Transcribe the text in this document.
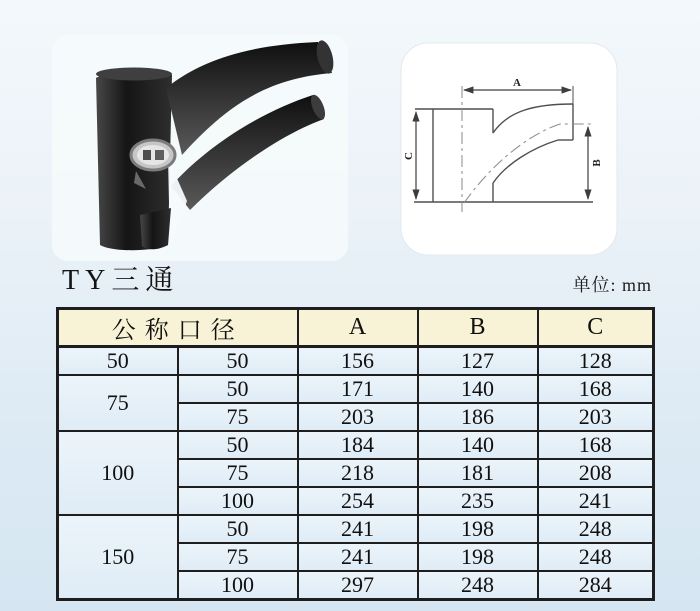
A
C
B
TY三通	单位: mm
公称口径		A	B	C
50	50	156	127	128
75	50	171	140	168
	75	203	186	203
100	50	184	140	168
	75	218	181	208
	100	254	235	241
150	50	241	198	248
	75	241	198	248
	100	297	248	284
